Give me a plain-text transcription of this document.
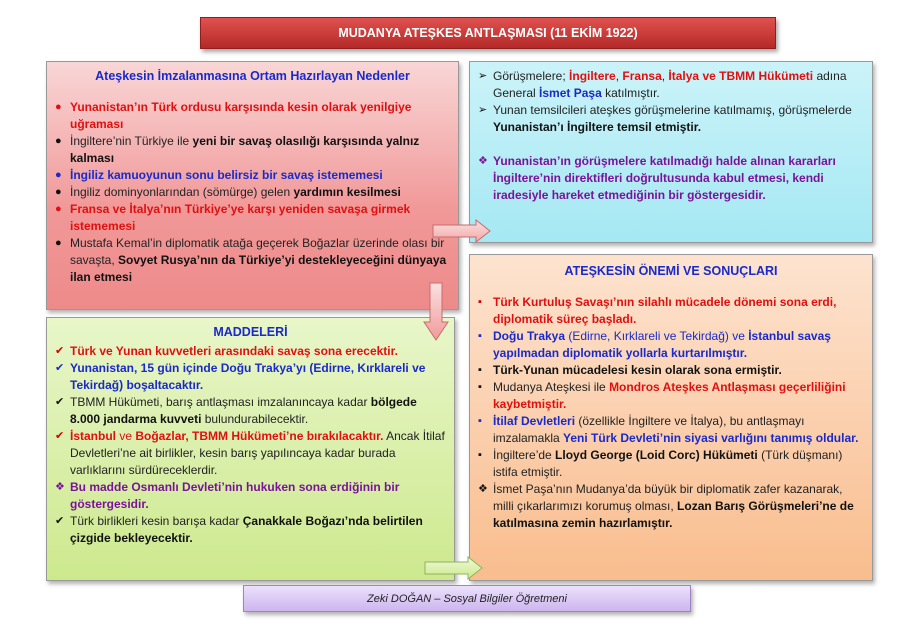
MUDANYA ATEŞKES ANTLAŞMASI (11 EKİM 1922)
Ateşkesin İmzalanmasına Ortam Hazırlayan Nedenler
● Yunanistan’ın Türk ordusu karşısında kesin olarak yenilgiye uğraması
● İngiltere’nin Türkiye ile yeni bir savaş olasılığı karşısında yalnız kalması
● İngiliz kamuoyunun sonu belirsiz bir savaş istememesi
● İngiliz dominyonlarından (sömürge) gelen yardımın kesilmesi
● Fransa ve İtalya’nın Türkiye’ye karşı yeniden savaşa girmek istememesi
● Mustafa Kemal’in diplomatik atağa geçerek Boğazlar üzerinde olası bir savaşta, Sovyet Rusya’nın da Türkiye’yi destekleyeceğini dünyaya ilan etmesi
➢ Görüşmelere; İngiltere, Fransa, İtalya ve TBMM Hükümeti adına General İsmet Paşa katılmıştır.
➢ Yunan temsilcileri ateşkes görüşmelerine katılmamış, görüşmelerde Yunanistan’ı İngiltere temsil etmiştir.
❖ Yunanistan’ın görüşmelere katılmadığı halde alınan kararları İngiltere’nin direktifleri doğrultusunda kabul etmesi, kendi iradesiyle hareket etmediğinin bir göstergesidir.
MADDELERİ
✔ Türk ve Yunan kuvvetleri arasındaki savaş sona erecektir.
✔ Yunanistan, 15 gün içinde Doğu Trakya’yı (Edirne, Kırklareli ve Tekirdağ) boşaltacaktır.
✔ TBMM Hükümeti, barış antlaşması imzalanıncaya kadar bölgede 8.000 jandarma kuvveti bulundurabilecektir.
✔ İstanbul ve Boğazlar, TBMM Hükümeti’ne bırakılacaktır. Ancak İtilaf Devletleri’ne ait birlikler, kesin barış yapılıncaya kadar burada varlıklarını sürdüreceklerdir.
❖ Bu madde Osmanlı Devleti’nin hukuken sona erdiğinin bir göstergesidir.
✔ Türk birlikleri kesin barışa kadar Çanakkale Boğazı’nda belirtilen çizgide bekleyecektir.
ATEŞKESİN ÖNEMİ VE SONUÇLARI
▪ Türk Kurtuluş Savaşı’nın silahlı mücadele dönemi sona erdi, diplomatik süreç başladı.
▪ Doğu Trakya (Edirne, Kırklareli ve Tekirdağ) ve İstanbul savaş yapılmadan diplomatik yollarla kurtarılmıştır.
▪ Türk-Yunan mücadelesi kesin olarak sona ermiştir.
▪ Mudanya Ateşkesi ile Mondros Ateşkes Antlaşması geçerliliğini kaybetmiştir.
▪ İtilaf Devletleri (özellikle İngiltere ve İtalya), bu antlaşmayı imzalamakla Yeni Türk Devleti’nin siyasi varlığını tanımış oldular.
▪ İngiltere’de Lloyd George (Loid Corc) Hükümeti (Türk düşmanı) istifa etmiştir.
❖ İsmet Paşa’nın Mudanya’da büyük bir diplomatik zafer kazanarak, milli çıkarlarımızı korumuş olması, Lozan Barış Görüşmeleri’ne de katılmasına zemin hazırlamıştır.
Zeki DOĞAN – Sosyal Bilgiler Öğretmeni
